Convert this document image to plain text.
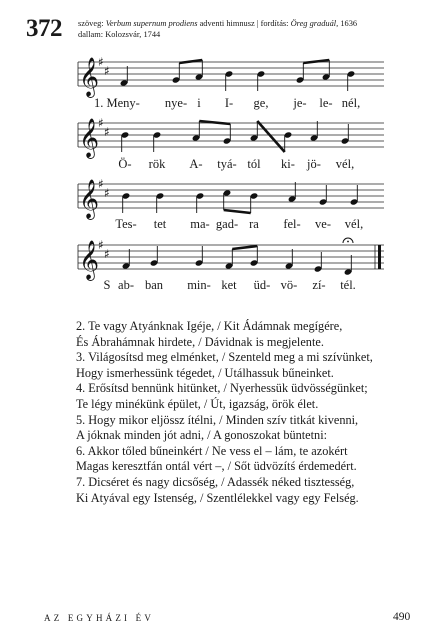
372 szöveg: Verbum supernum prodiens adventi himnusz | fordítás: Öreg graduál, 1636
dallam: Kolozsvár, 1744
𝄞
♯
♯
1. Meny- nye- i I- ge, je- le- nél,
𝄞
♯
♯
Ö- rök A- tyá- tól ki- jö- vél,
𝄞
♯
♯
Tes- tet ma- gad- ra fel- ve- vél,
𝄞
♯
♯
S ab- ban min- ket üd- vö- zí- tél.
2. Te vagy Atyánknak Igéje, / Kit Ádámnak megígére,
És Ábrahámnak hirdete, / Dávidnak is megjelente.
3. Világosítsd meg elménket, / Szenteld meg a mi szívünket,
Hogy ismerhessünk tégedet, / Utálhassuk bűneinket.
4. Erősítsd bennünk hitünket, / Nyerhessük üdvösségünket;
Te légy minékünk épület, / Út, igazság, örök élet.
5. Hogy mikor eljössz ítélni, / Minden szív titkát kivenni,
A jóknak minden jót adni, / A gonoszokat büntetni:
6. Akkor tőled bűneinkért / Ne vess el – lám, te azokért
Magas keresztfán ontál vért –, / Sőt üdvözítś érdemedért.
7. Dicséret és nagy dicsőség, / Adassék néked tisztesség,
Ki Atyával egy Istenség, / Szentlélekkel vagy egy Felség.
AZ EGYHÁZI ÉV	490
